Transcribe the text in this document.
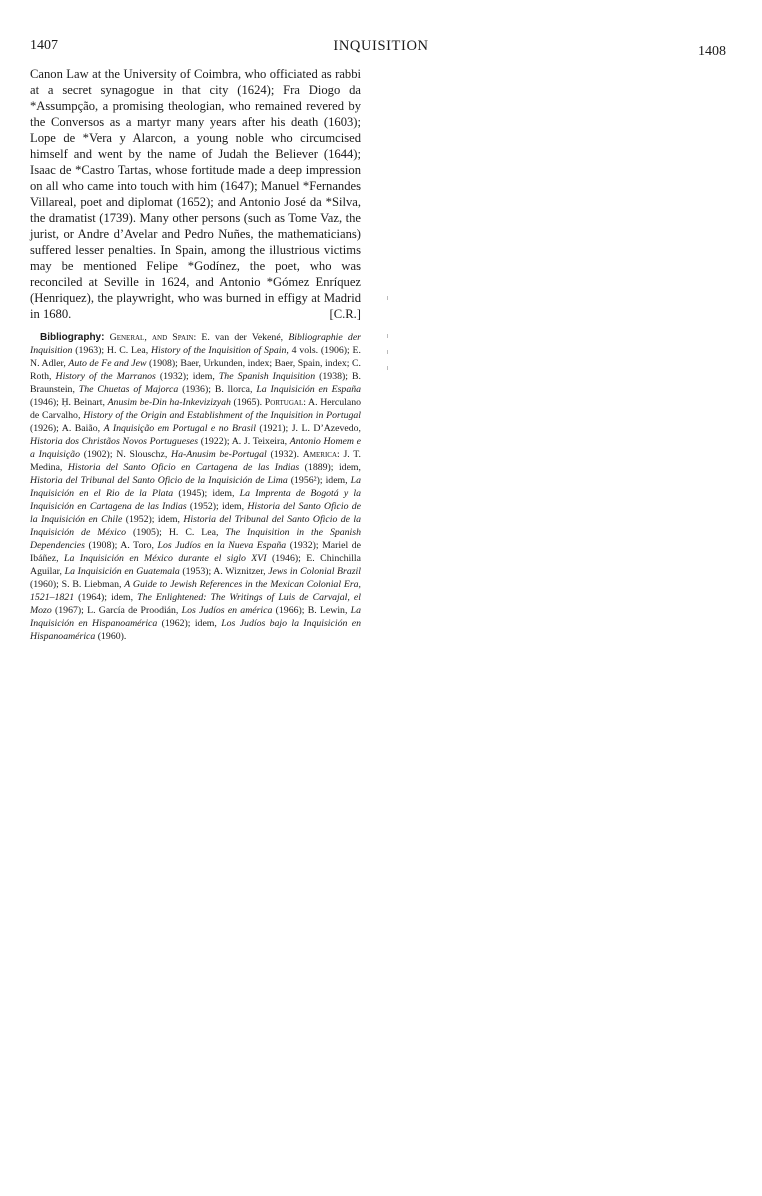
1407	INQUISITION	1408

Canon Law at the University of Coimbra, who officiated as rabbi at a secret synagogue in that city (1624); Fra Diogo da *Assumpção, a promising theologian, who remained revered by the Conversos as a martyr many years after his death (1603); Lope de *Vera y Alarcon, a young noble who circumcised himself and went by the name of Judah the Believer (1644); Isaac de *Castro Tartas, whose fortitude made a deep impression on all who came into touch with him (1647); Manuel *Fernandes Villareal, poet and diplomat (1652); and Antonio José da *Silva, the dramatist (1739). Many other persons (such as Tome Vaz, the jurist, or Andre d’Avelar and Pedro Nuñes, the mathematicians) suffered lesser penalties. In Spain, among the illustrious victims may be mentioned Felipe *Godínez, the poet, who was reconciled at Seville in 1624, and Antonio *Gómez Enríquez (Henriquez), the playwright, who was burned in effigy at Madrid in 1680.	[C.R.]

Bibliography: General, and Spain: E. van der Vekené, Bibliographie der Inquisition (1963); H. C. Lea, History of the Inquisition of Spain, 4 vols. (1906); E. N. Adler, Auto de Fe and Jew (1908); Baer, Urkunden, index; Baer, Spain, index; C. Roth, History of the Marranos (1932); idem, The Spanish Inquisition (1938); B. Braunstein, The Chuetas of Majorca (1936); B. llorca, La Inquisición en España (1946); Ḥ. Beinart, Anusim be-Din ha-Inkevizizyah (1965). Portugal: A. Herculano de Carvalho, History of the Origin and Establishment of the Inquisition in Portugal (1926); A. Baião, A Inquisição em Portugal e no Brasil (1921); J. L. D’Azevedo, Historia dos Christãos Novos Portugueses (1922); A. J. Teixeira, Antonio Homem e a Inquisição (1902); N. Slouschz, Ha-Anusim be-Portugal (1932). America: J. T. Medina, Historia del Santo Oficio en Cartagena de las Indias (1889); idem, Historia del Tribunal del Santo Oficio de la Inquisición de Lima (1956²); idem, La Inquisición en el Rio de la Plata (1945); idem, La Imprenta de Bogotá y la Inquisición en Cartagena de las Indias (1952); idem, Historia del Santo Oficio de la Inquisición en Chile (1952); idem, Historia del Tribunal del Santo Oficio de la Inquisición de México (1905); H. C. Lea, The Inquisition in the Spanish Dependencies (1908); A. Toro, Los Judíos en la Nueva España (1932); Mariel de Ibáñez, La Inquisición en México durante el siglo XVI (1946); E. Chinchilla Aguilar, La Inquisición en Guatemala (1953); A. Wiznitzer, Jews in Colonial Brazil (1960); S. B. Liebman, A Guide to Jewish References in the Mexican Colonial Era, 1521–1821 (1964); idem, The Enlightened: The Writings of Luis de Carvajal, el Mozo (1967); L. García de Proodián, Los Judíos en américa (1966); B. Lewin, La Inquisición en Hispanoamérica (1962); idem, Los Judíos bajo la Inquisición en Hispanoamérica (1960).
